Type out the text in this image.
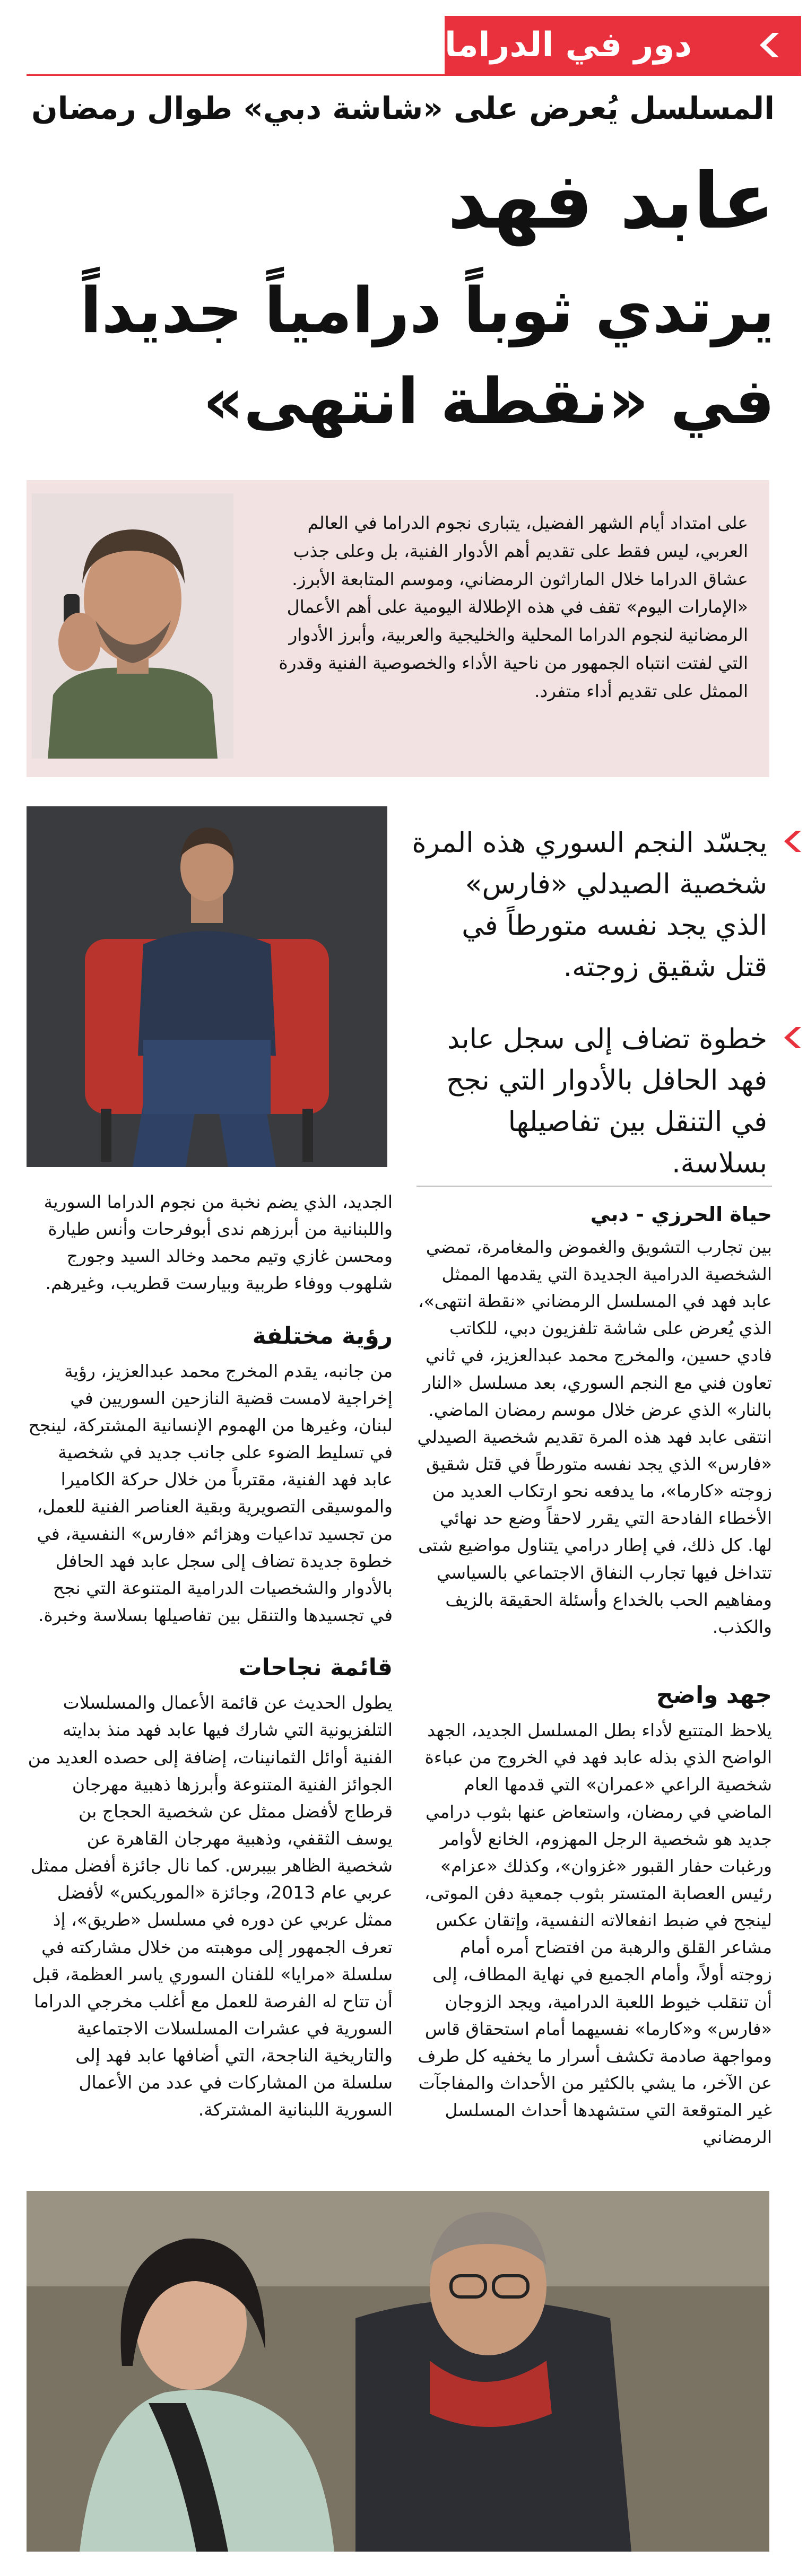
دور في الدراما
المسلسل يُعرض على «شاشة دبي» طوال رمضان
عابد فهد
يرتدي ثوباً درامياً جديداً
في «نقطة انتهى»
على امتداد أيام الشهر الفضيل، يتبارى نجوم الدراما في العالم العربي، ليس فقط على تقديم أهم الأدوار الفنية، بل وعلى جذب عشاق الدراما خلال الماراثون الرمضاني، وموسم المتابعة الأبرز. «الإمارات اليوم» تقف في هذه الإطلالة اليومية على أهم الأعمال الرمضانية لنجوم الدراما المحلية والخليجية والعربية، وأبرز الأدوار التي لفتت انتباه الجمهور من ناحية الأداء والخصوصية الفنية وقدرة الممثل على تقديم أداء متفرد.
يجسّد النجم السوري هذه المرة شخصية الصيدلي «فارس» الذي يجد نفسه متورطاً في قتل شقيق زوجته.
خطوة تضاف إلى سجل عابد فهد الحافل بالأدوار التي نجح في التنقل بين تفاصيلها بسلاسة.
حياة الحرزي - دبي

بين تجارب التشويق والغموض والمغامرة، تمضي الشخصية الدرامية الجديدة التي يقدمها الممثل عابد فهد في المسلسل الرمضاني «نقطة انتهى»، الذي يُعرض على شاشة تلفزيون دبي، للكاتب فادي حسين، والمخرج محمد عبدالعزيز، في ثاني تعاون فني مع النجم السوري، بعد مسلسل «النار بالنار» الذي عرض خلال موسم رمضان الماضي.

انتقى عابد فهد هذه المرة تقديم شخصية الصيدلي «فارس» الذي يجد نفسه متورطاً في قتل شقيق زوجته «كارما»، ما يدفعه نحو ارتكاب العديد من الأخطاء الفادحة التي يقرر لاحقاً وضع حد نهائي لها. كل ذلك، في إطار درامي يتناول مواضيع شتى تتداخل فيها تجارب النفاق الاجتماعي بالسياسي ومفاهيم الحب بالخداع وأسئلة الحقيقة بالزيف والكذب.

جهد واضح

يلاحظ المتتبع لأداء بطل المسلسل الجديد، الجهد الواضح الذي بذله عابد فهد في الخروج من عباءة شخصية الراعي «عمران» التي قدمها العام الماضي في رمضان، واستعاض عنها بثوب درامي جديد هو شخصية الرجل المهزوم، الخانع لأوامر ورغبات حفار القبور «غزوان»، وكذلك «عزام» رئيس العصابة المتستر بثوب جمعية دفن الموتى، لينجح في ضبط انفعالاته النفسية، وإتقان عكس مشاعر القلق والرهبة من افتضاح أمره أمام زوجته أولاً، وأمام الجميع في نهاية المطاف، إلى أن تنقلب خيوط اللعبة الدرامية، ويجد الزوجان «فارس» و«كارما» نفسيهما أمام استحقاق قاس ومواجهة صادمة تكشف أسرار ما يخفيه كل طرف عن الآخر، ما يشي بالكثير من الأحداث والمفاجآت غير المتوقعة التي ستشهدها أحداث المسلسل الرمضاني

الجديد، الذي يضم نخبة من نجوم الدراما السورية واللبنانية من أبرزهم ندى أبوفرحات وأنس طيارة ومحسن غازي وتيم محمد وخالد السيد وجورج شلهوب ووفاء طربية وبيارست قطريب، وغيرهم.

رؤية مختلفة

من جانبه، يقدم المخرج محمد عبدالعزيز، رؤية إخراجية لامست قضية النازحين السوريين في لبنان، وغيرها من الهموم الإنسانية المشتركة، لينجح في تسليط الضوء على جانب جديد في شخصية عابد فهد الفنية، مقترباً من خلال حركة الكاميرا والموسيقى التصويرية وبقية العناصر الفنية للعمل، من تجسيد تداعيات وهزائم «فارس» النفسية، في خطوة جديدة تضاف إلى سجل عابد فهد الحافل بالأدوار والشخصيات الدرامية المتنوعة التي نجح في تجسيدها والتنقل بين تفاصيلها بسلاسة وخبرة.

قائمة نجاحات

يطول الحديث عن قائمة الأعمال والمسلسلات التلفزيونية التي شارك فيها عابد فهد منذ بدايته الفنية أوائل الثمانينات، إضافة إلى حصده العديد من الجوائز الفنية المتنوعة وأبرزها ذهبية مهرجان قرطاج لأفضل ممثل عن شخصية الحجاج بن يوسف الثقفي، وذهبية مهرجان القاهرة عن شخصية الظاهر بيبرس. كما نال جائزة أفضل ممثل عربي عام 2013، وجائزة «الموريكس» لأفضل ممثل عربي عن دوره في مسلسل «طريق»، إذ تعرف الجمهور إلى موهبته من خلال مشاركته في سلسلة «مرايا» للفنان السوري ياسر العظمة، قبل أن تتاح له الفرصة للعمل مع أغلب مخرجي الدراما السورية في عشرات المسلسلات الاجتماعية والتاريخية الناجحة، التي أضافها عابد فهد إلى سلسلة من المشاركات في عدد من الأعمال السورية اللبنانية المشتركة.
